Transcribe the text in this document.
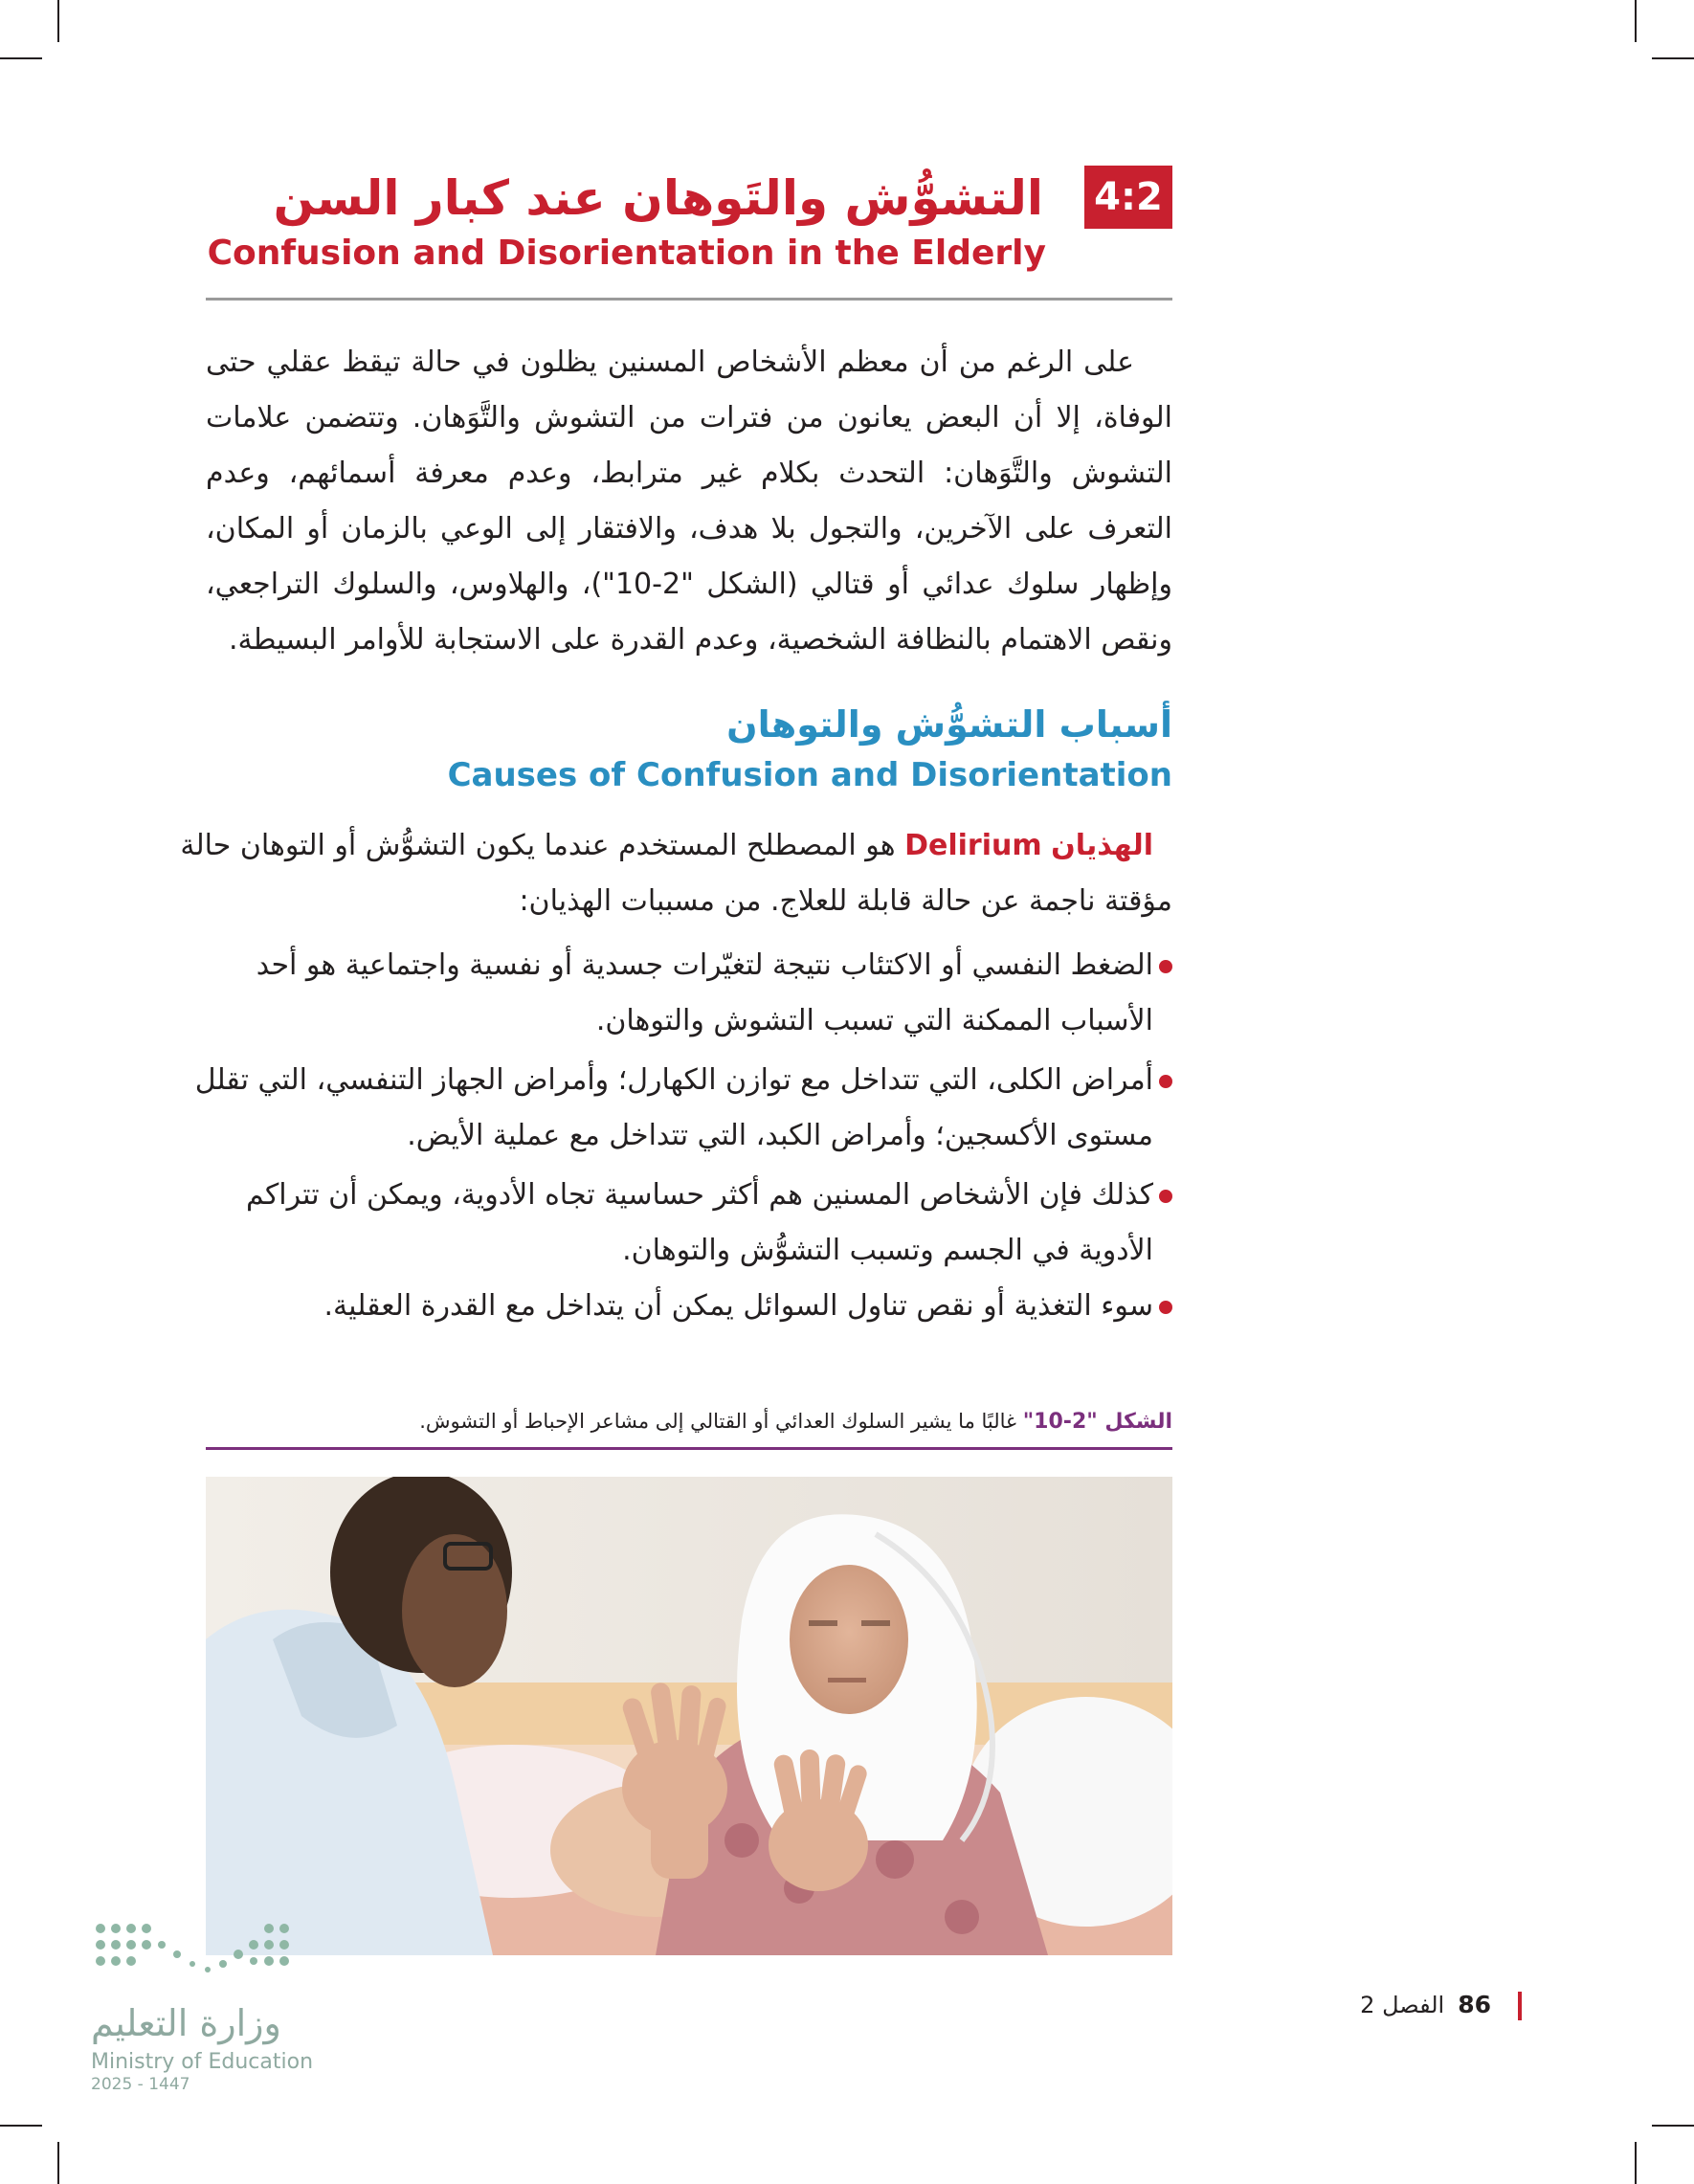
4:2
التشوُّش والتَوهان عند كبار السن
Confusion and Disorientation in the Elderly
على الرغم من أن معظم الأشخاص المسنين يظلون في حالة تيقظ عقلي حتى
الوفاة، إلا أن البعض يعانون من فترات من التشوش والتَّوَهان. وتتضمن علامات
التشوش والتَّوَهان: التحدث بكلام غير مترابط، وعدم معرفة أسمائهم، وعدم
التعرف على الآخرين، والتجول بلا هدف، والافتقار إلى الوعي بالزمان أو المكان،
وإظهار سلوك عدائي أو قتالي (الشكل "2-10")، والهلاوس، والسلوك التراجعي،
ونقص الاهتمام بالنظافة الشخصية، وعدم القدرة على الاستجابة للأوامر البسيطة.
أسباب التشوُّش والتوهان
Causes of Confusion and Disorientation
الهذيان Delirium هو المصطلح المستخدم عندما يكون التشوُّش أو التوهان حالة
مؤقتة ناجمة عن حالة قابلة للعلاج. من مسببات الهذيان:
الضغط النفسي أو الاكتئاب نتيجة لتغيّرات جسدية أو نفسية واجتماعية هو أحد
الأسباب الممكنة التي تسبب التشوش والتوهان.
أمراض الكلى، التي تتداخل مع توازن الكهارل؛ وأمراض الجهاز التنفسي، التي تقلل
مستوى الأكسجين؛ وأمراض الكبد، التي تتداخل مع عملية الأيض.
كذلك فإن الأشخاص المسنين هم أكثر حساسية تجاه الأدوية، ويمكن أن تتراكم
الأدوية في الجسم وتسبب التشوُّش والتوهان.
سوء التغذية أو نقص تناول السوائل يمكن أن يتداخل مع القدرة العقلية.
الشكل "2-10" غالبًا ما يشير السلوك العدائي أو القتالي إلى مشاعر الإحباط أو التشوش.
86الفصل 2
وزارة التعليم
Ministry of Education
2025 - 1447
